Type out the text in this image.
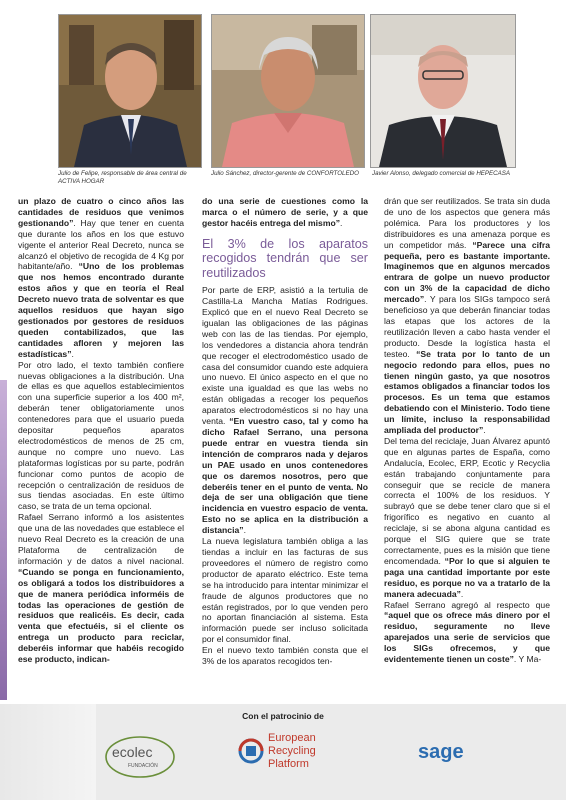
Julio de Felipe, responsable de área central de
ACTIVA HOGAR
Julio Sánchez, director-gerente de CONFORTOLEDO	Javier Alonso, delegado comercial de HEPECASA

un plazo de cuatro o cinco años las cantidades de residuos que venimos gestionando”. Hay que tener en cuenta que durante los años en los que estuvo vigente el anterior Real Decreto, nunca se alcanzó el objetivo de recogida de 4 Kg por habitante/año. “Uno de los problemas que nos hemos encontrado durante estos años y que en teoría el Real Decreto nuevo trata de solventar es que aquellos residuos que hayan sigo gestionados por gestores de residuos queden contabilizados, que las cantidades afloren y mejoren las estadísticas”.

Por otro lado, el texto también confiere nuevas obligaciones a la distribución. Una de ellas es que aquellos establecimientos con una superficie superior a los 400 m², deberán tener obligatoriamente unos contenedores para que el usuario pueda depositar pequeños aparatos electrodomésticos de menos de 25 cm, aunque no compre uno nuevo. Las plataformas logísticas por su parte, podrán funcionar como puntos de acopio de recepción o centralización de residuos de sus tiendas asociadas. En este último caso, se trata de un tema opcional.

Rafael Serrano informó a los asistentes que una de las novedades que establece el nuevo Real Decreto es la creación de una Plataforma de centralización de información y de datos a nivel nacional. “Cuando se ponga en funcionamiento, os obligará a todos los distribuidores a que de manera periódica informéis de todas las operaciones de gestión de residuos que realicéis. Es decir, cada venta que efectuéis, si el cliente os entrega un producto para reciclar, deberéis informar que habéis recogido ese producto, indican-

do una serie de cuestiones como la marca o el número de serie, y a que gestor hacéis entrega del mismo”.

El 3% de los aparatos recogidos tendrán que ser reutilizados

Por parte de ERP, asistió a la tertulia de Castilla-La Mancha Matías Rodrigues. Explicó que en el nuevo Real Decreto se igualan las obligaciones de las páginas web con las de las tiendas. Por ejemplo, los vendedores a distancia ahora tendrán que recoger el electrodoméstico usado de casa del consumidor cuando este adquiera uno nuevo. El único aspecto en el que no existe una igualdad es que las webs no están obligadas a recoger los pequeños aparatos electrodomésticos si no hay una venta. “En vuestro caso, tal y como ha dicho Rafael Serrano, una persona puede entrar en vuestra tienda sin intención de compraros nada y dejaros un PAE usado en unos contenedores que os daremos nosotros, pero que deberéis tener en el punto de venta. No deja de ser una obligación que tiene incidencia en vuestro espacio de venta. Esto no se aplica en la distribución a distancia”.

La nueva legislatura también obliga a las tiendas a incluir en las facturas de sus proveedores el número de registro como productor de aparato eléctrico. Este tema se ha introducido para intentar minimizar el fraude de algunos productores que no están registrados, por lo que venden pero no aportan financiación al sistema. Esta información puede ser incluso solicitada por el consumidor final.

En el nuevo texto también consta que el 3% de los aparatos recogidos ten-

drán que ser reutilizados. Se trata sin duda de uno de los aspectos que genera más polémica. Para los productores y los distribuidores es una amenaza porque es un competidor más. “Parece una cifra pequeña, pero es bastante importante. Imaginemos que en algunos mercados entrara de golpe un nuevo productor con un 3% de la capacidad de dicho mercado”. Y para los SIGs tampoco será beneficioso ya que deberán financiar todas las etapas que los actores de la reutilización lleven a cabo hasta vender el producto. Desde la logística hasta el testeo. “Se trata por lo tanto de un negocio redondo para ellos, pues no tienen ningún gasto, ya que nosotros estamos obligados a financiar todos los procesos. Es un tema que estamos debatiendo con el Ministerio. Todo tiene un límite, incluso la responsabilidad ampliada del productor”.

Del tema del reciclaje, Juan Álvarez apuntó que en algunas partes de España, como Andalucía, Ecolec, ERP, Ecotic y Recyclia están trabajando conjuntamente para conseguir que se recicle de manera correcta el 100% de los residuos. Y subrayó que se debe tener claro que si el frigorífico es negativo en cuanto al reciclaje, si se abona alguna cantidad es porque el SIG quiere que se trate correctamente, pues es la misión que tiene encomendada. “Por lo que si alguien te paga una cantidad importante por este residuo, es porque no va a tratarlo de la manera adecuada”.

Rafael Serrano agregó al respecto que “aquel que os ofrece más dinero por el residuo, seguramente no lleve aparejados una serie de servicios que los SIGs ofrecemos, y que evidentemente tienen un coste”. Y Ma-

Con el patrocinio de
ecolec
FUNDACIÓN
European
Recycling
Platform
sage
